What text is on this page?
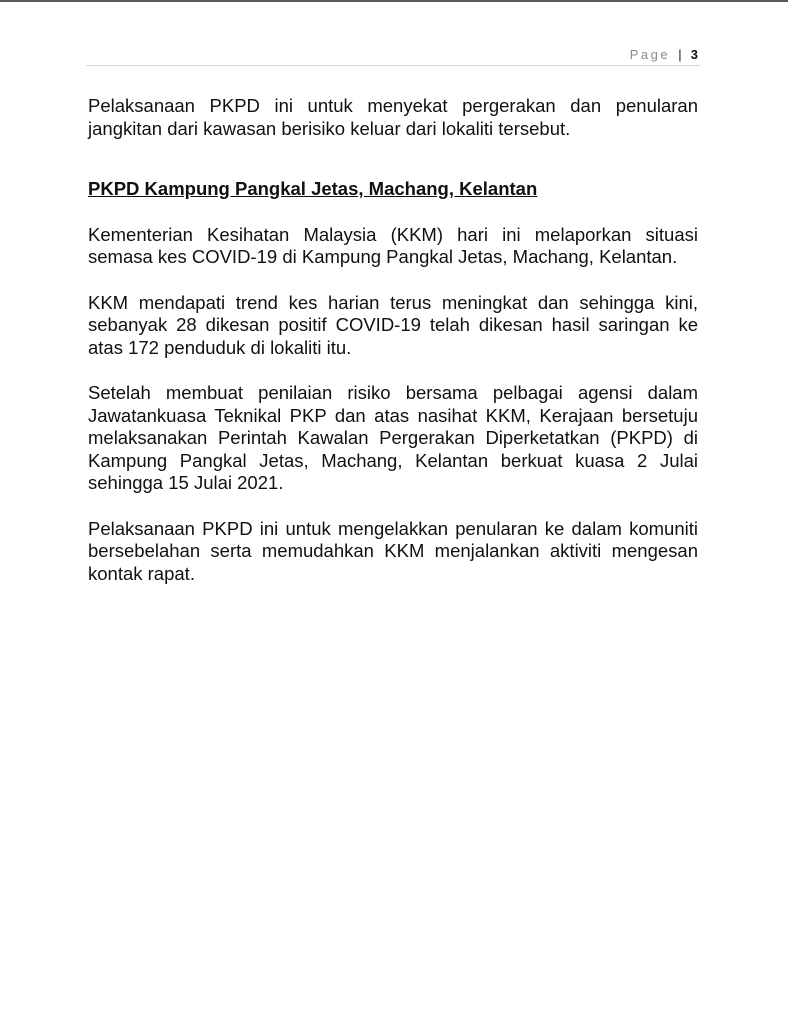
Page | 3

Pelaksanaan PKPD ini untuk menyekat pergerakan dan penularan jangkitan dari kawasan berisiko keluar dari lokaliti tersebut.

PKPD Kampung Pangkal Jetas, Machang, Kelantan

Kementerian Kesihatan Malaysia (KKM) hari ini melaporkan situasi semasa kes COVID-19 di Kampung Pangkal Jetas, Machang, Kelantan.

KKM mendapati trend kes harian terus meningkat dan sehingga kini, sebanyak 28 dikesan positif COVID-19 telah dikesan hasil saringan ke atas 172 penduduk di lokaliti itu.

Setelah membuat penilaian risiko bersama pelbagai agensi dalam Jawatankuasa Teknikal PKP dan atas nasihat KKM, Kerajaan bersetuju melaksanakan Perintah Kawalan Pergerakan Diperketatkan (PKPD) di Kampung Pangkal Jetas, Machang, Kelantan berkuat kuasa 2 Julai sehingga 15 Julai 2021.

Pelaksanaan PKPD ini untuk mengelakkan penularan ke dalam komuniti bersebelahan serta memudahkan KKM menjalankan aktiviti mengesan kontak rapat.
